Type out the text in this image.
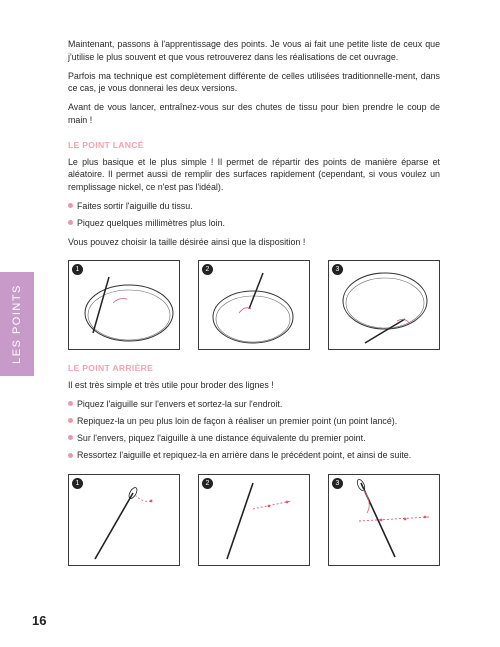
LES POINTS

Maintenant, passons à l'apprentissage des points. Je vous ai fait une petite liste de ceux que j'utilise le plus souvent et que vous retrouverez dans les réalisations de cet ouvrage.

Parfois ma technique est complètement différente de celles utilisées traditionnelle-ment, dans ce cas, je vous donnerai les deux versions.

Avant de vous lancer, entraînez-vous sur des chutes de tissu pour bien prendre le coup de main !

LE POINT LANCÉ

Le plus basique et le plus simple ! Il permet de répartir des points de manière éparse et aléatoire. Il permet aussi de remplir des surfaces rapidement (cependant, si vous voulez un remplissage nickel, ce n'est pas l'idéal).

Faites sortir l'aiguille du tissu.
Piquez quelques millimètres plus loin.

Vous pouvez choisir la taille désirée ainsi que la disposition !

1	2	3
LE POINT ARRIÈRE

Il est très simple et très utile pour broder des lignes !

Piquez l'aiguille sur l'envers et sortez-la sur l'endroit.
Repiquez-la un peu plus loin de façon à réaliser un premier point (un point lancé).
Sur l'envers, piquez l'aiguille à une distance équivalente du premier point.
Ressortez l'aiguille et repiquez-la en arrière dans le précédent point, et ainsi de suite.
1	2	3
16
